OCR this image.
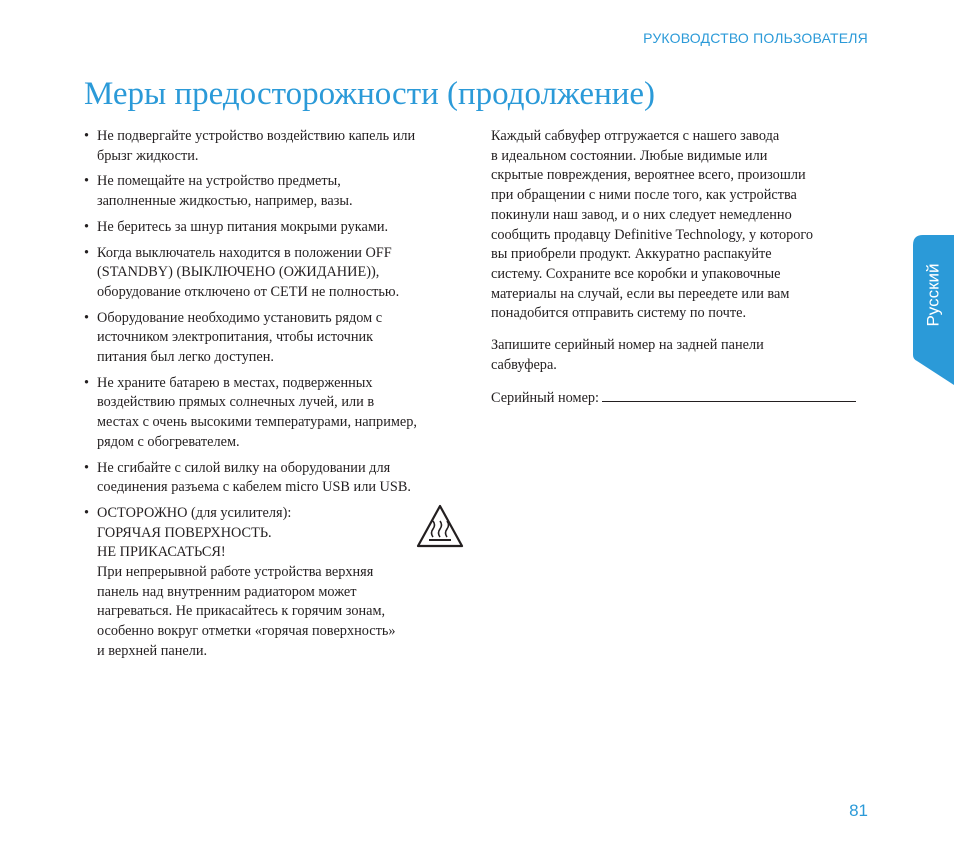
РУКОВОДСТВО ПОЛЬЗОВАТЕЛЯ
Меры предосторожности (продолжение)
• Не подвергайте устройство воздействию капель или
брызг жидкости.
• Не помещайте на устройство предметы,
заполненные жидкостью, например, вазы.
• Не беритесь за шнур питания мокрыми руками.
• Когда выключатель находится в положении OFF
(STANDBY) (ВЫКЛЮЧЕНО (ОЖИДАНИЕ)),
оборудование отключено от СЕТИ не полностью.
• Оборудование необходимо установить рядом с
источником электропитания, чтобы источник
питания был легко доступен.
• Не храните батарею в местах, подверженных
воздействию прямых солнечных лучей, или в
местах с очень высокими температурами, например,
рядом с обогревателем.
• Не сгибайте с силой вилку на оборудовании для
соединения разъема с кабелем micro USB или USB.
• ОСТОРОЖНО (для усилителя):
ГОРЯЧАЯ ПОВЕРХНОСТЬ.
НЕ ПРИКАСАТЬСЯ!
При непрерывной работе устройства верхняя
панель над внутренним радиатором может
нагреваться. Не прикасайтесь к горячим зонам,
особенно вокруг отметки «горячая поверхность»
и верхней панели.

Каждый сабвуфер отгружается с нашего завода
в идеальном состоянии. Любые видимые или
скрытые повреждения, вероятнее всего, произошли
при обращении с ними после того, как устройства
покинули наш завод, и о них следует немедленно
сообщить продавцу Definitive Technology, у которого
вы приобрели продукт. Аккуратно распакуйте
систему. Сохраните все коробки и упаковочные
материалы на случай, если вы переедете или вам
понадобится отправить систему по почте.

Запишите серийный номер на задней панели
сабвуфера.

Серийный номер:
Русский
81
